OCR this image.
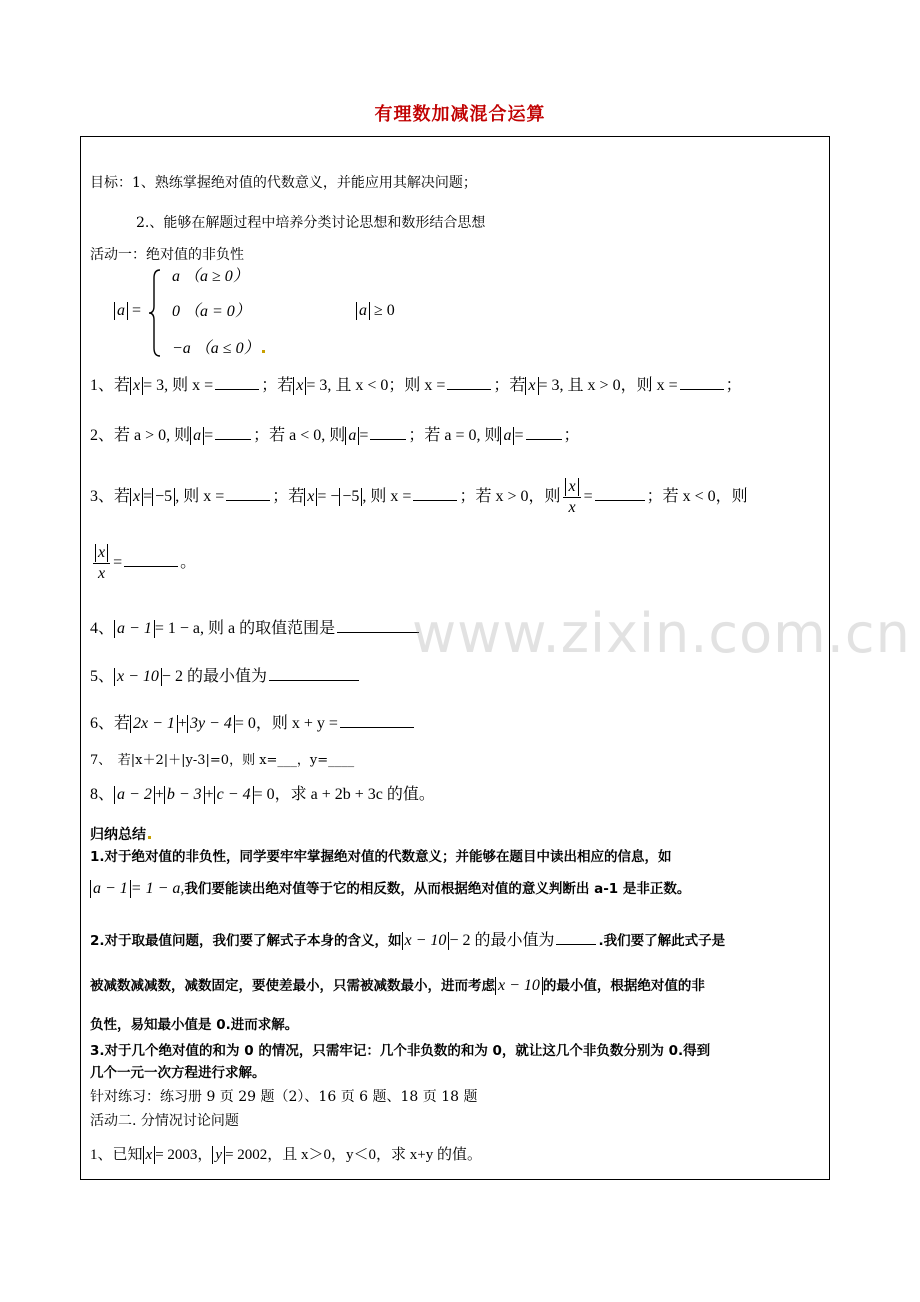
有理数加减混合运算
目标：1、熟练掌握绝对值的代数意义，并能应用其解决问题；
2.、能够在解题过程中培养分类讨论思想和数形结合思想
活动一：绝对值的非负性
a =
a （a ≥ 0）
0 （a = 0）
−a （a ≤ 0）
a ≥ 0
1、若 x = 3, 则 x =	；若 x = 3, 且 x < 0；则 x =	；若 x = 3, 且 x > 0，则 x =	；
2、若 a > 0, 则 a =	；若 a < 0, 则 a =	；若 a = 0, 则 a =	；
3、若 x = −5 , 则 x =	；若 x = − −5 , 则 x =	；若 x > 0，则 $\frac{x}{x}$ =	；若 x < 0，则
$\frac{x}{x}$ =	。
4、 a − 1 = 1 − a, 则 a 的取值范围是
5、 x − 10 − 2 的最小值为
6、若 2x − 1 + 3y − 4 = 0，则 x + y =
7、　若|x＋2|＋|y-3|=0，则 x=___，y=____
8、 a − 2 + b − 3 + c − 4 = 0，求 a + 2b + 3c 的值。
归纳总结
1.对于绝对值的非负性，同学要牢牢掌握绝对值的代数意义；并能够在题目中读出相应的信息，如
a − 1 = 1 − a,我们要能读出绝对值等于它的相反数，从而根据绝对值的意义判断出 a-1 是非正数。
2.对于取最值问题，我们要了解式子本身的含义，如 x − 10 − 2 的最小值为	.我们要了解此式子是
被减数减减数，减数固定，要使差最小，只需被减数最小，进而考虑 x − 10 的最小值，根据绝对值的非
负性，易知最小值是 0.进而求解。
3.对于几个绝对值的和为 0 的情况，只需牢记：几个非负数的和为 0，就让这几个非负数分别为 0.得到
几个一元一次方程进行求解。
针对练习：练习册 9 页 29 题（2）、16 页 6 题、18 页 18 题
活动二. 分情况讨论问题
1、已知 x = 2003， y = 2002，且 x＞0，y＜0，求 x+y 的值。
www.zixin.com.cn
